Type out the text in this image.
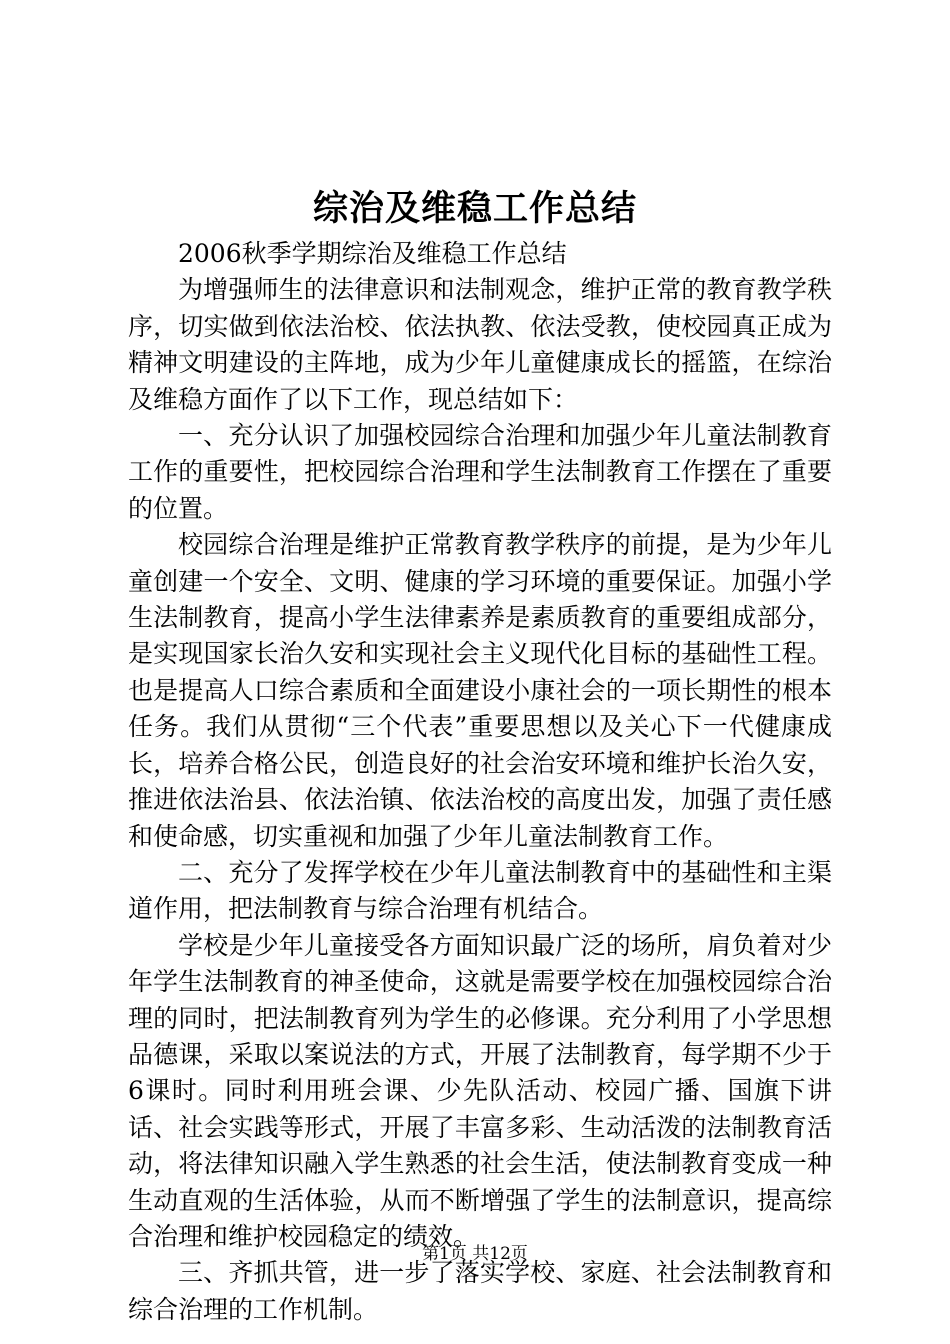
综治及维稳工作总结

2006秋季学期综治及维稳工作总结

为增强师生的法律意识和法制观念，维护正常的教育教学秩序，切实做到依法治校、依法执教、依法受教，使校园真正成为精神文明建设的主阵地，成为少年儿童健康成长的摇篮，在综治及维稳方面作了以下工作，现总结如下：

一、充分认识了加强校园综合治理和加强少年儿童法制教育工作的重要性，把校园综合治理和学生法制教育工作摆在了重要的位置。

校园综合治理是维护正常教育教学秩序的前提，是为少年儿童创建一个安全、文明、健康的学习环境的重要保证。加强小学生法制教育，提高小学生法律素养是素质教育的重要组成部分，是实现国家长治久安和实现社会主义现代化目标的基础性工程。也是提高人口综合素质和全面建设小康社会的一项长期性的根本任务。我们从贯彻“三个代表”重要思想以及关心下一代健康成长，培养合格公民，创造良好的社会治安环境和维护长治久安，推进依法治县、依法治镇、依法治校的高度出发，加强了责任感和使命感，切实重视和加强了少年儿童法制教育工作。

二、充分了发挥学校在少年儿童法制教育中的基础性和主渠道作用，把法制教育与综合治理有机结合。

学校是少年儿童接受各方面知识最广泛的场所，肩负着对少年学生法制教育的神圣使命，这就是需要学校在加强校园综合治理的同时，把法制教育列为学生的必修课。充分利用了小学思想品德课，采取以案说法的方式，开展了法制教育，每学期不少于6课时。同时利用班会课、少先队活动、校园广播、国旗下讲话、社会实践等形式，开展了丰富多彩、生动活泼的法制教育活动，将法律知识融入学生熟悉的社会生活，使法制教育变成一种生动直观的生活体验，从而不断增强了学生的法制意识，提高综合治理和维护校园稳定的绩效。

三、齐抓共管，进一步了落实学校、家庭、社会法制教育和综合治理的工作机制。

第1页 共12页
